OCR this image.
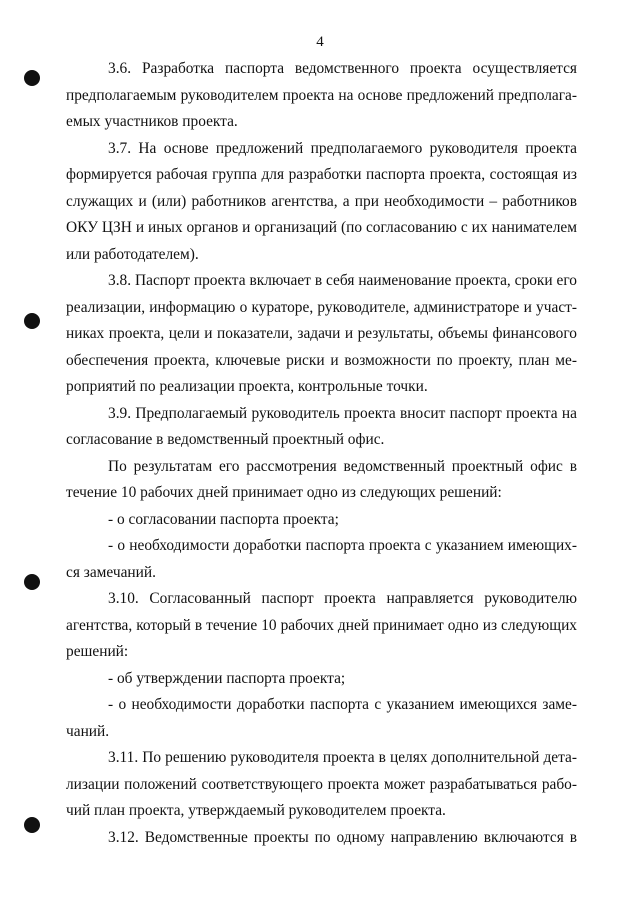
4
3.6. Разработка паспорта ведомственного проекта осуществляется
предполагаемым руководителем проекта на основе предложений предполага-
емых участников проекта.
3.7. На основе предложений предполагаемого руководителя проекта
формируется рабочая группа для разработки паспорта проекта, состоящая из
служащих и (или) работников агентства, а при необходимости – работников
ОКУ ЦЗН и иных органов и организаций (по согласованию с их нанимателем
или работодателем).
3.8. Паспорт проекта включает в себя наименование проекта, сроки его
реализации, информацию о кураторе, руководителе, администраторе и участ-
никах проекта, цели и показатели, задачи и результаты, объемы финансового
обеспечения проекта, ключевые риски и возможности по проекту, план ме-
роприятий по реализации проекта, контрольные точки.
3.9. Предполагаемый руководитель проекта вносит паспорт проекта на
согласование в ведомственный проектный офис.
По результатам его рассмотрения ведомственный проектный офис в
течение 10 рабочих дней принимает одно из следующих решений:
- о согласовании паспорта проекта;
- о необходимости доработки паспорта проекта с указанием имеющих-
ся замечаний.
3.10. Согласованный паспорт проекта направляется руководителю
агентства, который в течение 10 рабочих дней принимает одно из следующих
решений:
- об утверждении паспорта проекта;
- о необходимости доработки паспорта с указанием имеющихся заме-
чаний.
3.11. По решению руководителя проекта в целях дополнительной дета-
лизации положений соответствующего проекта может разрабатываться рабо-
чий план проекта, утверждаемый руководителем проекта.
3.12. Ведомственные проекты по одному направлению включаются в
